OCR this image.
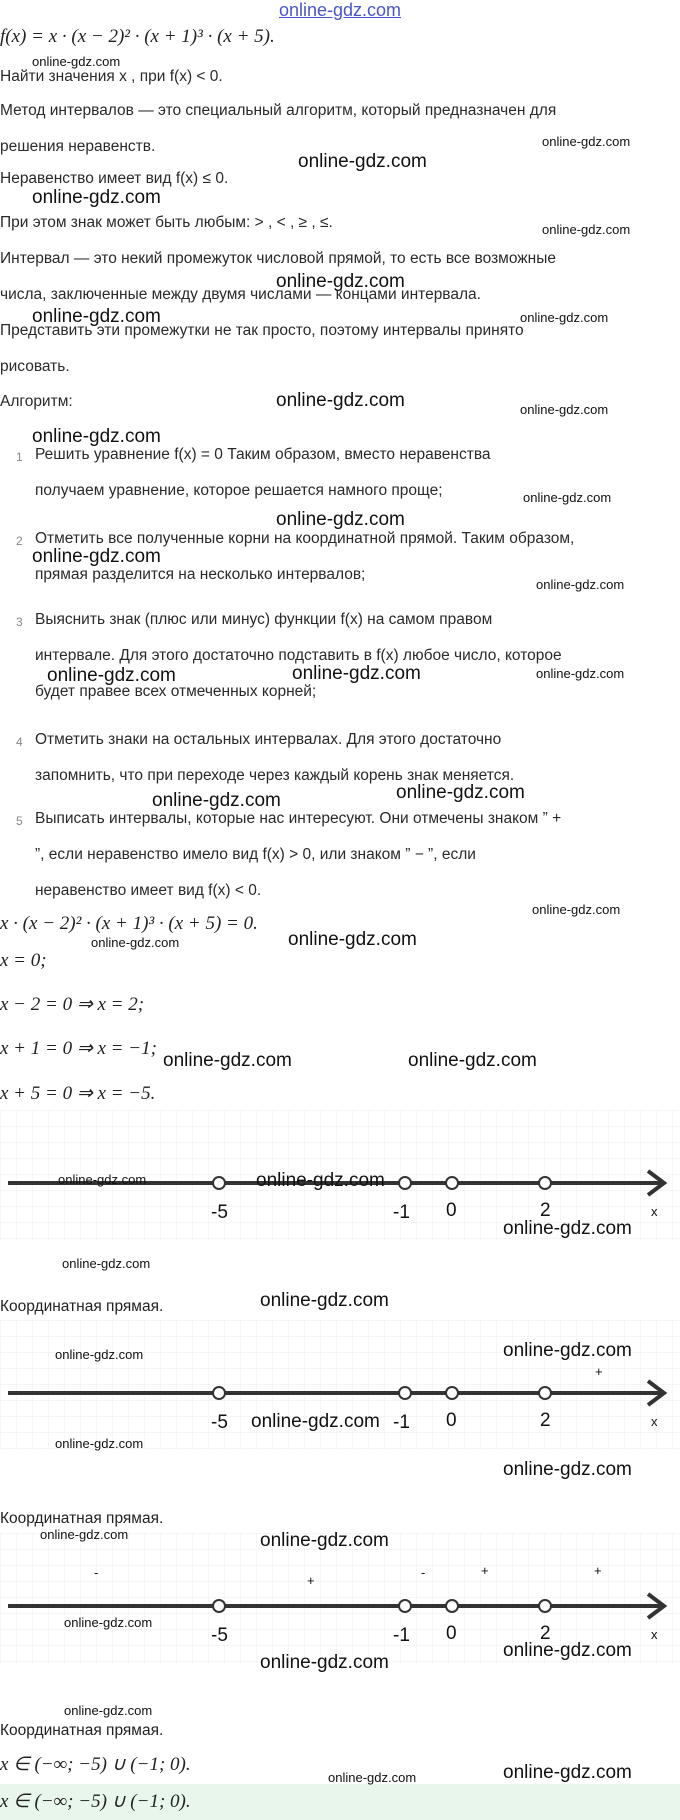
online-gdz.com
f(x) = x · (x − 2)² · (x + 1)³ · (x + 5).
Найти значения x , при f(x) < 0.
Метод интервалов — это специальный алгоритм, который предназначен для
решения неравенств.
Неравенство имеет вид f(x) ≤ 0.
При этом знак может быть любым: > , < , ≥ , ≤.
Интервал — это некий промежуток числовой прямой, то есть все возможные
числа, заключенные между двумя числами — концами интервала.
Представить эти промежутки не так просто, поэтому интервалы принято
рисовать.
Алгоритм:
1 Решить уравнение f(x) = 0 Таким образом, вместо неравенства
получаем уравнение, которое решается намного проще;
2 Отметить все полученные корни на координатной прямой. Таким образом,
прямая разделится на несколько интервалов;
3 Выяснить знак (плюс или минус) функции f(x) на самом правом
интервале. Для этого достаточно подставить в f(x) любое число, которое
будет правее всех отмеченных корней;
4 Отметить знаки на остальных интервалах. Для этого достаточно
запомнить, что при переходе через каждый корень знак меняется.
5 Выписать интервалы, которые нас интересуют. Они отмечены знаком ” +
”, если неравенство имело вид f(x) > 0, или знаком ” − ”, если
неравенство имеет вид f(x) < 0.
x · (x − 2)² · (x + 1)³ · (x + 5) = 0.
x = 0;
x − 2 = 0 ⇒ x = 2;
x + 1 = 0 ⇒ x = −1;
x + 5 = 0 ⇒ x = −5.
-5	-1 0	2	x
Координатная прямая.
+
-5	-1 0	2	x
Координатная прямая.
-
+
-	+	+
-5	-1 0	2	x
Координатная прямая.
x ∈ (−∞; −5) ∪ (−1; 0).
x ∈ (−∞; −5) ∪ (−1; 0).
online-gdz.com
online-gdz.com
online-gdz.com
online-gdz.com
online-gdz.com
online-gdz.com
online-gdz.com	online-gdz.com
online-gdz.com	online-gdz.com
online-gdz.com
online-gdz.com
online-gdz.com
online-gdz.com
online-gdz.com
online-gdz.com	online-gdz.com
online-gdz.com
online-gdz.com
online-gdz.com
online-gdz.com
online-gdz.com
online-gdz.com
online-gdz.com	online-gdz.com
online-gdz.com	online-gdz.com
online-gdz.com
online-gdz.com
online-gdz.com
online-gdz.com	online-gdz.com
online-gdz.com
online-gdz.com
online-gdz.com
online-gdz.com	online-gdz.com
online-gdz.com
online-gdz.com
online-gdz.com
online-gdz.com
online-gdz.com	online-gdz.com
